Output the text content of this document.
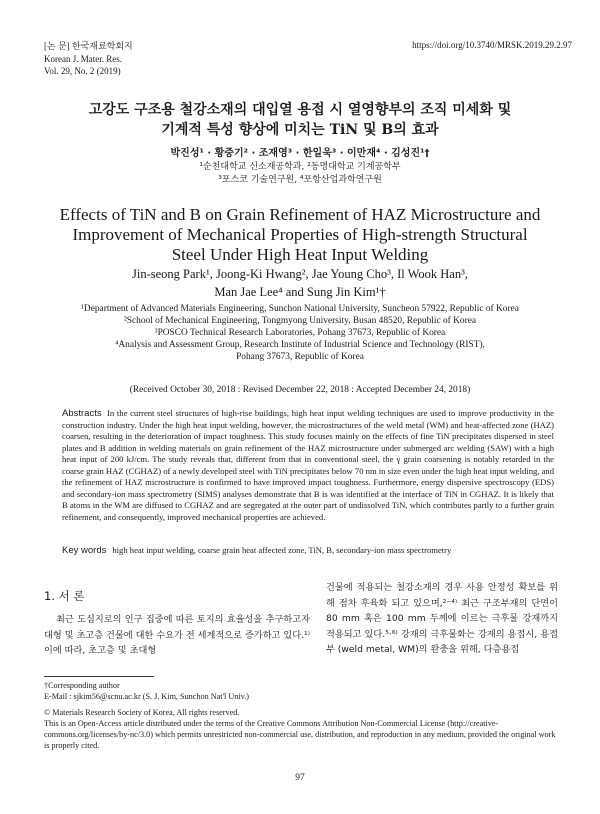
[논 문] 한국재료학회지
Korean J. Mater. Res.
Vol. 29, No. 2 (2019)
https://doi.org/10.3740/MRSK.2019.29.2.97
고강도 구조용 철강소재의 대입열 용접 시 열영향부의 조직 미세화 및
기계적 특성 향상에 미치는 TiN 및 B의 효과
박진성¹ · 황중기² · 조재영³ · 한일욱³ · 이만재⁴ · 김성진¹†
¹순천대학교 신소재공학과, ²동명대학교 기계공학부
³포스코 기술연구원, ⁴포항산업과학연구원
Effects of TiN and B on Grain Refinement of HAZ Microstructure and
Improvement of Mechanical Properties of High-strength Structural
Steel Under High Heat Input Welding
Jin-seong Park¹, Joong-Ki Hwang², Jae Young Cho³, Il Wook Han³,
Man Jae Lee⁴ and Sung Jin Kim¹†
¹Department of Advanced Materials Engineering, Sunchon National University, Suncheon 57922, Republic of Korea
²School of Mechanical Engineering, Tongmyong University, Busan 48520, Republic of Korea
³POSCO Technical Research Laboratories, Pohang 37673, Republic of Korea
⁴Analysis and Assessment Group, Research Institute of Industrial Science and Technology (RIST),
Pohang 37673, Republic of Korea
(Received October 30, 2018 : Revised December 22, 2018 : Accepted December 24, 2018)

Abstracts In the current steel structures of high-rise buildings, high heat input welding techniques are used to improve productivity in the construction industry. Under the high heat input welding, however, the microstructures of the weld metal (WM) and heat-affected zone (HAZ) coarsen, resulting in the deterioration of impact toughness. This study focuses mainly on the effects of fine TiN precipitates dispersed in steel plates and B addition in welding materials on grain refinement of the HAZ microstructure under submerged arc welding (SAW) with a high heat input of 200 kJ/cm. The study reveals that, different from that in conventional steel, the γ grain coarsening is notably retarded in the coarse grain HAZ (CGHAZ) of a newly developed steel with TiN precipitates below 70 nm in size even under the high heat input welding, and the refinement of HAZ microstructure is confirmed to have improved impact toughness. Furthermore, energy dispersive spectroscopy (EDS) and secondary-ion mass spectrometry (SIMS) analyses demonstrate that B is was identified at the interface of TiN in CGHAZ. It is likely that B atoms in the WM are diffused to CGHAZ and are segregated at the outer part of undissolved TiN, which contributes partly to a further grain refinement, and consequently, improved mechanical properties are achieved.

Key words high heat input welding, coarse grain heat affected zone, TiN, B, secondary-ion mass spectrometry
1. 서 론

최근 도심지로의 인구 집중에 따른 토지의 효율성을 추구하고자 대형 및 초고층 건물에 대한 수요가 전 세계적으로 증가하고 있다.¹⁾ 이에 따라, 초고층 및 초대형

건물에 적용되는 철강소재의 경우 사용 안정성 확보를 위해 점차 후육화 되고 있으며,²⁻⁴⁾ 최근 구조부재의 단면이 80 mm 혹은 100 mm 두께에 이르는 극후물 강재까지 적용되고 있다.⁵·⁶⁾ 강재의 극후물화는 강재의 용접시, 용접부 (weld metal, WM)의 완충을 위해, 다층용접

†Corresponding author
E-Mail : sjkim56@scnu.ac.kr (S. J. Kim, Sunchon Nat'l Univ.)
© Materials Research Society of Korea, All rights reserved.
This is an Open-Access article distributed under the terms of the Creative Commons Attribution Non-Commercial License (http://creative-commons.org/licenses/by-nc/3.0) which permits unrestricted non-commercial use, distribution, and reproduction in any medium, provided the original work is properly cited.
97
